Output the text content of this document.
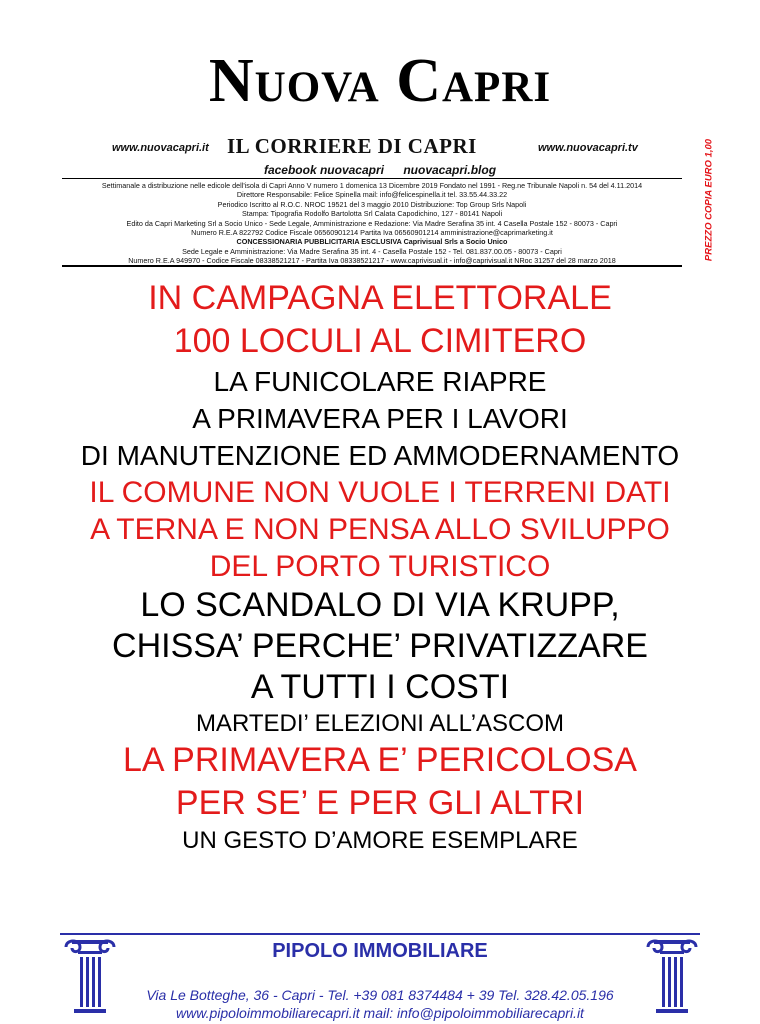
Nuova Capri
www.nuovacapri.it IL CORRIERE DI CAPRI	www.nuovacapri.tv
facebook nuovacapri nuovacapri.blog
Settimanale a distribuzione nelle edicole dell'isola di Capri Anno V numero 1 domenica 13 Dicembre 2019 Fondato nel 1991 - Reg.ne Tribunale Napoli n. 54 del 4.11.2014
Direttore Responsabile: Felice Spinella mail: info@felicespinella.it tel. 33.55.44.33.22
Periodico Iscritto al R.O.C. NROC 19521 del 3 maggio 2010 Distribuzione: Top Group Srls Napoli
Stampa: Tipografia Rodolfo Bartolotta Srl Calata Capodichino, 127 - 80141 Napoli
Edito da Capri Marketing Srl a Socio Unico - Sede Legale, Amministrazione e Redazione: Via Madre Serafina 35 int. 4 Casella Postale 152 - 80073 - Capri
Numero R.E.A 822792 Codice Fiscale 06560901214 Partita Iva 06560901214 amministrazione@caprimarketing.it
CONCESSIONARIA PUBBLICITARIA ESCLUSIVA Caprivisual Srls a Socio Unico
Sede Legale e Amministrazione: Via Madre Serafina 35 int. 4 - Casella Postale 152 - Tel. 081.837.00.05 - 80073 - Capri
Numero R.E.A 949970 - Codice Fiscale 08338521217 - Partita Iva 08338521217 - www.caprivisual.it - info@caprivisual.it NRoc 31257 del 28 marzo 2018	PREZZO COPIA EURO 1,00
IN CAMPAGNA ELETTORALE
100 LOCULI AL CIMITERO
LA FUNICOLARE RIAPRE
A PRIMAVERA PER I LAVORI
DI MANUTENZIONE ED AMMODERNAMENTO
IL COMUNE NON VUOLE I TERRENI DATI
A TERNA E NON PENSA ALLO SVILUPPO
DEL PORTO TURISTICO
LO SCANDALO DI VIA KRUPP,
CHISSA’ PERCHE’ PRIVATIZZARE
A TUTTI I COSTI
MARTEDI’ ELEZIONI ALL’ASCOM
LA PRIMAVERA E’ PERICOLOSA
PER SE’ E PER GLI ALTRI
UN GESTO D’AMORE ESEMPLARE
PIPOLO IMMOBILIARE
Via Le Botteghe, 36 - Capri - Tel. +39 081 8374484 + 39 Tel. 328.42.05.196
www.pipoloimmobiliarecapri.it mail: info@pipoloimmobiliarecapri.it
